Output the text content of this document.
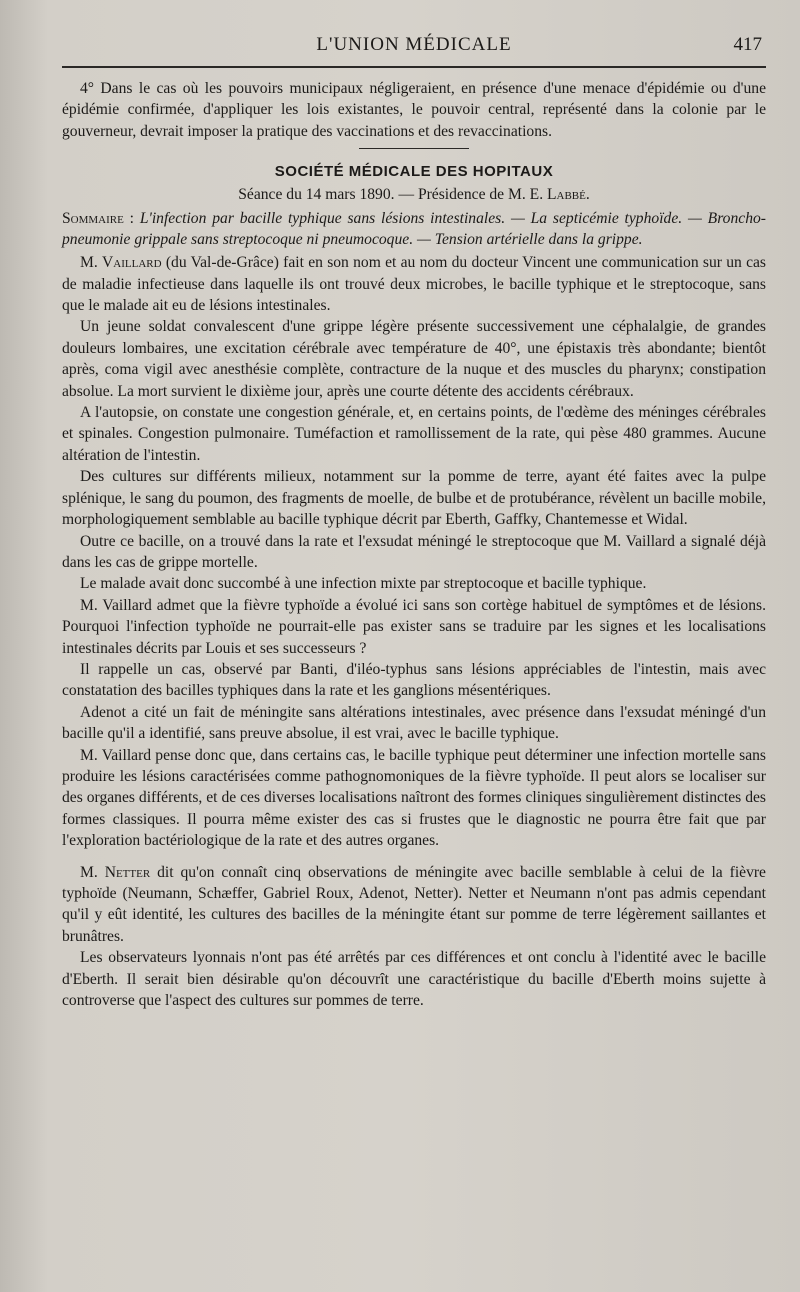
L'UNION MÉDICALE	417

4° Dans le cas où les pouvoirs municipaux négligeraient, en présence d'une menace d'épidémie ou d'une épidémie confirmée, d'appliquer les lois existantes, le pouvoir central, représenté dans la colonie par le gouverneur, devrait imposer la pratique des vaccinations et des revaccinations.

SOCIÉTÉ MÉDICALE DES HOPITAUX
Séance du 14 mars 1890. — Présidence de M. E. Labbé.
Sommaire : L'infection par bacille typhique sans lésions intestinales. — La septicémie typhoïde. — Broncho-pneumonie grippale sans streptocoque ni pneumocoque. — Tension artérielle dans la grippe.

M. Vaillard (du Val-de-Grâce) fait en son nom et au nom du docteur Vincent une communication sur un cas de maladie infectieuse dans laquelle ils ont trouvé deux microbes, le bacille typhique et le streptocoque, sans que le malade ait eu de lésions intestinales.

Un jeune soldat convalescent d'une grippe légère présente successivement une céphalalgie, de grandes douleurs lombaires, une excitation cérébrale avec température de 40°, une épistaxis très abondante; bientôt après, coma vigil avec anesthésie complète, contracture de la nuque et des muscles du pharynx; constipation absolue. La mort survient le dixième jour, après une courte détente des accidents cérébraux.

A l'autopsie, on constate une congestion générale, et, en certains points, de l'œdème des méninges cérébrales et spinales. Congestion pulmonaire. Tuméfaction et ramollissement de la rate, qui pèse 480 grammes. Aucune altération de l'intestin.

Des cultures sur différents milieux, notamment sur la pomme de terre, ayant été faites avec la pulpe splénique, le sang du poumon, des fragments de moelle, de bulbe et de protubérance, révèlent un bacille mobile, morphologiquement semblable au bacille typhique décrit par Eberth, Gaffky, Chantemesse et Widal.

Outre ce bacille, on a trouvé dans la rate et l'exsudat méningé le streptocoque que M. Vaillard a signalé déjà dans les cas de grippe mortelle.

Le malade avait donc succombé à une infection mixte par streptocoque et bacille typhique.

M. Vaillard admet que la fièvre typhoïde a évolué ici sans son cortège habituel de symptômes et de lésions. Pourquoi l'infection typhoïde ne pourrait-elle pas exister sans se traduire par les signes et les localisations intestinales décrits par Louis et ses successeurs ?

Il rappelle un cas, observé par Banti, d'iléo-typhus sans lésions appréciables de l'intestin, mais avec constatation des bacilles typhiques dans la rate et les ganglions mésentériques.

Adenot a cité un fait de méningite sans altérations intestinales, avec présence dans l'exsudat méningé d'un bacille qu'il a identifié, sans preuve absolue, il est vrai, avec le bacille typhique.

M. Vaillard pense donc que, dans certains cas, le bacille typhique peut déterminer une infection mortelle sans produire les lésions caractérisées comme pathognomoniques de la fièvre typhoïde. Il peut alors se localiser sur des organes différents, et de ces diverses localisations naîtront des formes cliniques singulièrement distinctes des formes classiques. Il pourra même exister des cas si frustes que le diagnostic ne pourra être fait que par l'exploration bactériologique de la rate et des autres organes.

M. Netter dit qu'on connaît cinq observations de méningite avec bacille semblable à celui de la fièvre typhoïde (Neumann, Schæffer, Gabriel Roux, Adenot, Netter). Netter et Neumann n'ont pas admis cependant qu'il y eût identité, les cultures des bacilles de la méningite étant sur pomme de terre légèrement saillantes et brunâtres.

Les observateurs lyonnais n'ont pas été arrêtés par ces différences et ont conclu à l'identité avec le bacille d'Eberth. Il serait bien désirable qu'on découvrît une caractéristique du bacille d'Eberth moins sujette à controverse que l'aspect des cultures sur pommes de terre.
